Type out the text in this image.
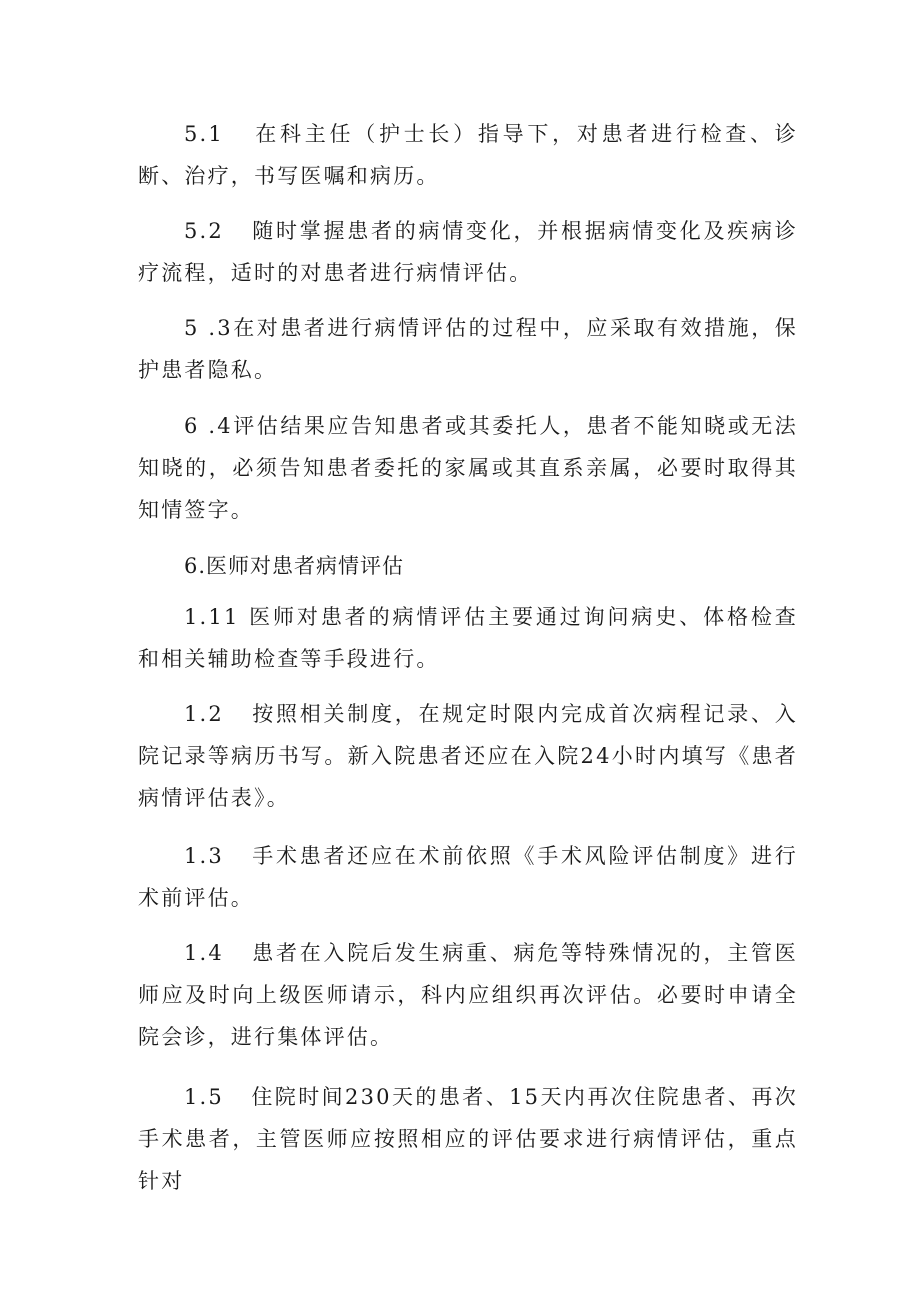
5.1 在科主任（护士长）指导下，对患者进行检查、诊断、治疗，书写医嘱和病历。

5.2 随时掌握患者的病情变化，并根据病情变化及疾病诊疗流程，适时的对患者进行病情评估。

5 .3在对患者进行病情评估的过程中，应采取有效措施，保护患者隐私。

6 .4评估结果应告知患者或其委托人，患者不能知晓或无法知晓的，必须告知患者委托的家属或其直系亲属，必要时取得其知情签字。

6.医师对患者病情评估

1.11 医师对患者的病情评估主要通过询问病史、体格检查和相关辅助检查等手段进行。

1.2 按照相关制度，在规定时限内完成首次病程记录、入院记录等病历书写。新入院患者还应在入院24小时内填写《患者病情评估表》。

1.3 手术患者还应在术前依照《手术风险评估制度》进行术前评估。

1.4 患者在入院后发生病重、病危等特殊情况的，主管医师应及时向上级医师请示，科内应组织再次评估。必要时申请全院会诊，进行集体评估。

1.5 住院时间230天的患者、15天内再次住院患者、再次手术患者，主管医师应按照相应的评估要求进行病情评估，重点针对
